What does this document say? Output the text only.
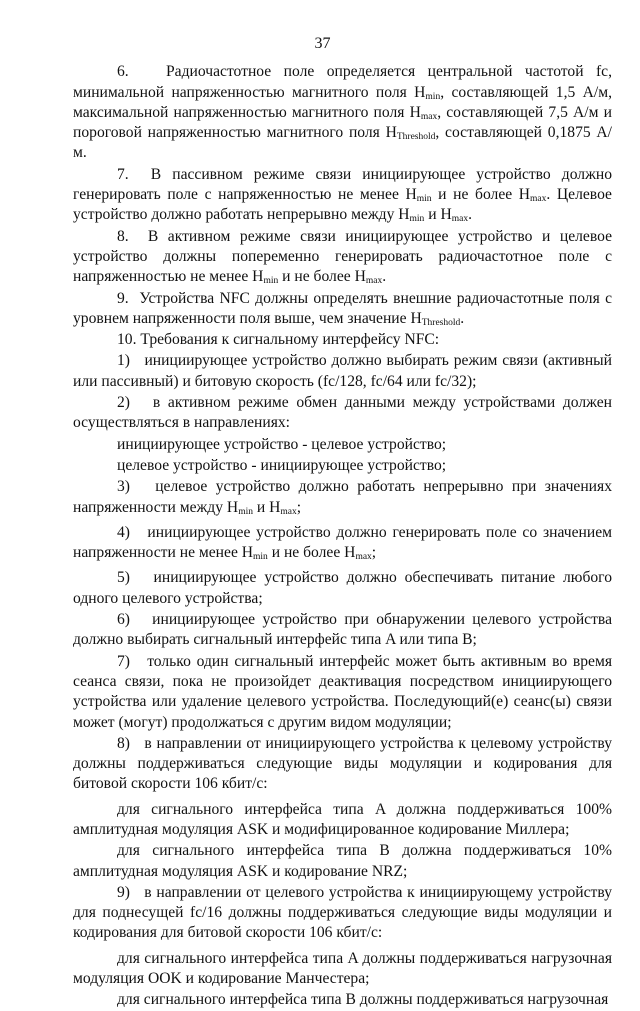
37

6.   Радиочастотное поле определяется центральной частотой fc, минимальной напряженностью магнитного поля $H_{min}$, составляющей 1,5 А/м, максимальной напряженностью магнитного поля $H_{max}$, составляющей 7,5 А/м и пороговой напряженностью магнитного поля $H_{Threshold}$, составляющей 0,1875 А/м.

7.  В пассивном режиме связи инициирующее устройство должно генерировать поле с напряженностью не менее $H_{min}$ и не более $H_{max}$. Целевое устройство должно работать непрерывно между $H_{min}$ и $H_{max}$.

8.  В активном режиме связи инициирующее устройство и целевое устройство должны попеременно генерировать радиочастотное поле с напряженностью не менее $H_{min}$ и не более $H_{max}$.

9.  Устройства NFC должны определять внешние радиочастотные поля с уровнем напряженности поля выше, чем значение $H_{Threshold}$.

10. Требования к сигнальному интерфейсу NFC:

1)   инициирующее устройство должно выбирать режим связи (активный или пассивный) и битовую скорость (fc/128, fc/64 или fc/32);

2)   в активном режиме обмен данными между устройствами должен осуществляться в направлениях:

инициирующее устройство - целевое устройство;

целевое устройство - инициирующее устройство;

3)   целевое устройство должно работать непрерывно при значениях напряженности между $H_{min}$ и $H_{max}$;

4)   инициирующее устройство должно генерировать поле со значением напряженности не менее $H_{min}$ и не более $H_{max}$;

5)   инициирующее устройство должно обеспечивать питание любого одного целевого устройства;

6)   инициирующее устройство при обнаружении целевого устройства должно выбирать сигнальный интерфейс типа A или типа B;

7)   только один сигнальный интерфейс может быть активным во время сеанса связи, пока не произойдет деактивация посредством инициирующего устройства или удаление целевого устройства. Последующий(е) сеанс(ы) связи может (могут) продолжаться с другим видом модуляции;

8)   в направлении от инициирующего устройства к целевому устройству должны поддерживаться следующие виды модуляции и кодирования для битовой скорости 106 кбит/с:

для сигнального интерфейса типа A должна поддерживаться 100% амплитудная модуляция ASK и модифицированное кодирование Миллера;

для сигнального интерфейса типа B должна поддерживаться 10% амплитудная модуляция ASK и кодирование NRZ;

9)   в направлении от целевого устройства к инициирующему устройству для поднесущей fc/16 должны поддерживаться следующие виды модуляции и кодирования для битовой скорости 106 кбит/с:

для сигнального интерфейса типа A должны поддерживаться нагрузочная модуляция OOK и кодирование Манчестера;

для сигнального интерфейса типа B должны поддерживаться нагрузочная
